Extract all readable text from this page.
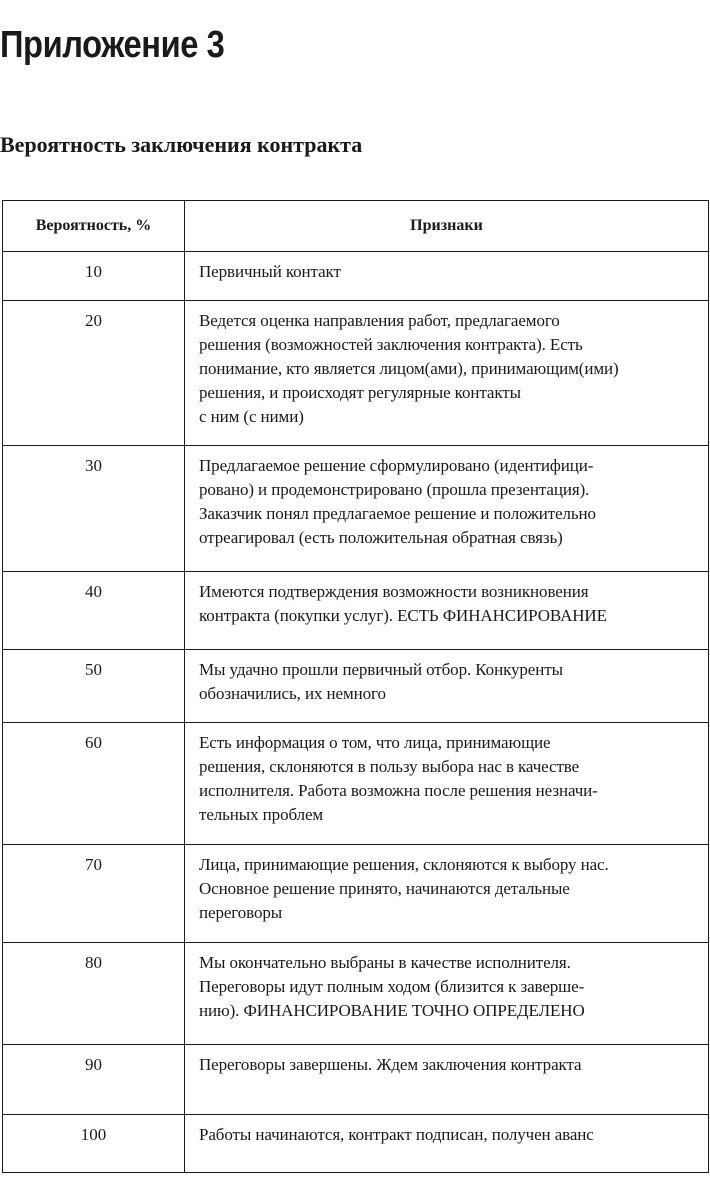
Приложение 3
Вероятность заключения контракта
Вероятность, %	Признаки
10	Первичный контакт

20	Ведется оценка направления работ, предлагаемого
решения (возможностей заключения контракта). Есть
понимание, кто является лицом(ами), принимающим(ими)
решения, и происходят регулярные контакты
с ним (с ними)

30	Предлагаемое решение сформулировано (идентифици-
ровано) и продемонстрировано (прошла презентация).
Заказчик понял предлагаемое решение и положительно
отреагировал (есть положительная обратная связь)

40	Имеются подтверждения возможности возникновения
контракта (покупки услуг). ЕСТЬ ФИНАНСИРОВАНИЕ

50	Мы удачно прошли первичный отбор. Конкуренты
обозначились, их немного

60	Есть информация о том, что лица, принимающие
решения, склоняются в пользу выбора нас в качестве
исполнителя. Работа возможна после решения незначи-
тельных проблем

70	Лица, принимающие решения, склоняются к выбору нас.
Основное решение принято, начинаются детальные
переговоры

80	Мы окончательно выбраны в качестве исполнителя.
Переговоры идут полным ходом (близится к заверше-
нию). ФИНАНСИРОВАНИЕ ТОЧНО ОПРЕДЕЛЕНО

90	Переговоры завершены. Ждем заключения контракта

100	Работы начинаются, контракт подписан, получен аванс
